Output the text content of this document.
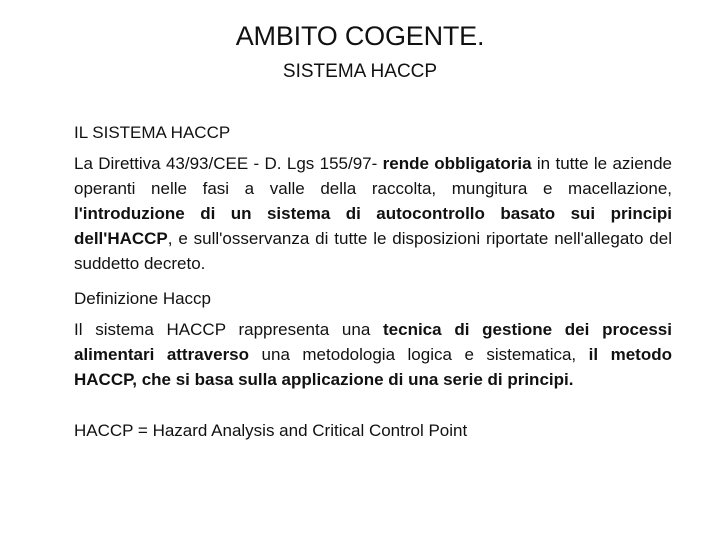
AMBITO COGENTE.
SISTEMA HACCP
IL SISTEMA HACCP

La Direttiva 43/93/CEE - D. Lgs 155/97- rende obbligatoria in tutte le aziende operanti nelle fasi a valle della raccolta, mungitura e macellazione, l'introduzione di un sistema di autocontrollo basato sui principi dell'HACCP, e sull'osservanza di tutte le disposizioni riportate nell'allegato del suddetto decreto.

Definizione Haccp

Il sistema HACCP rappresenta una tecnica di gestione dei processi alimentari attraverso una metodologia logica e sistematica, il metodo HACCP, che si basa sulla applicazione di una serie di principi.

HACCP = Hazard Analysis and Critical Control Point
